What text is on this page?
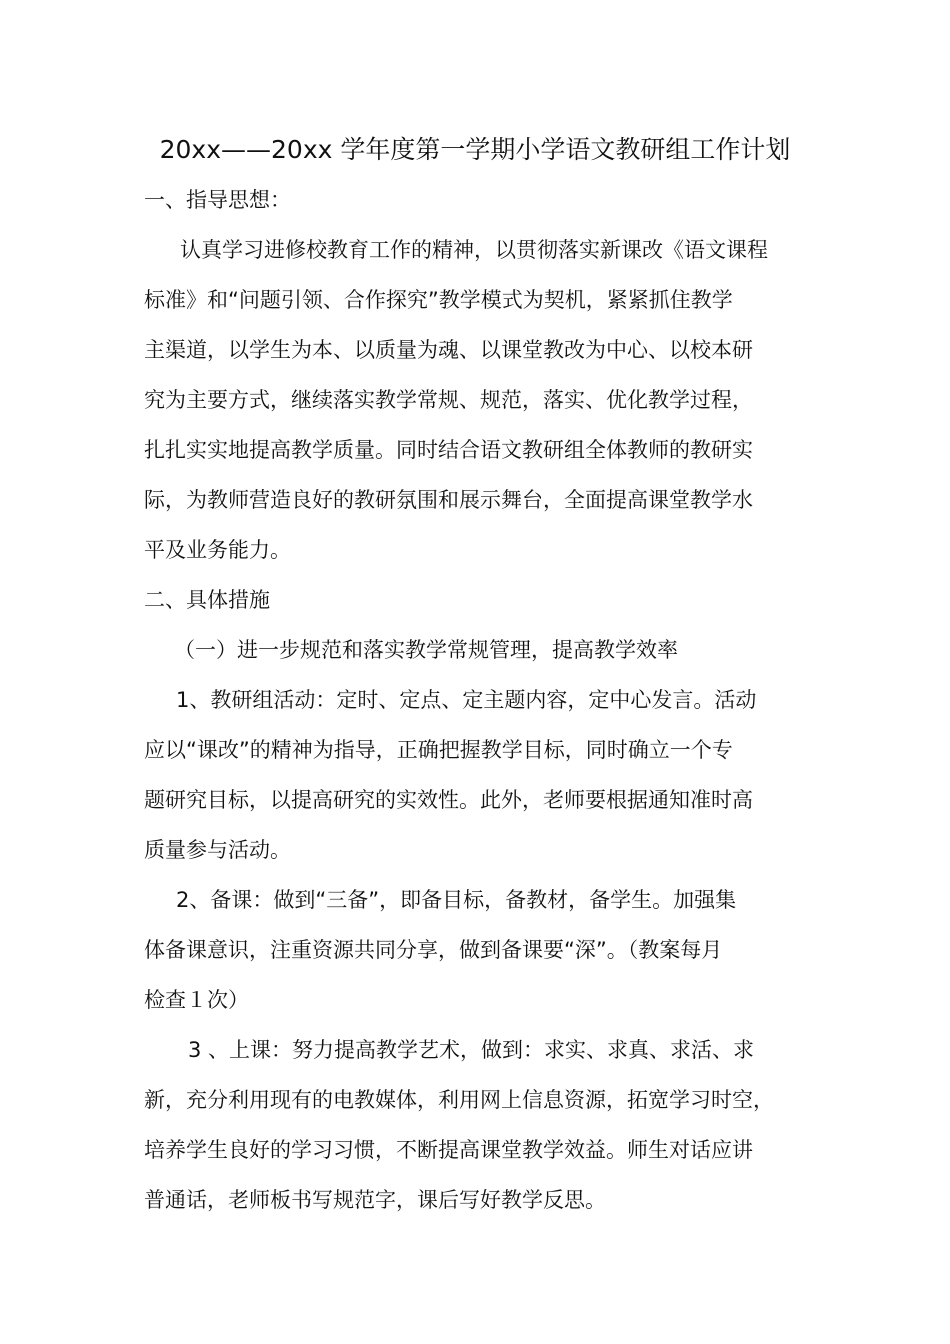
20xx——20xx 学年度第一学期小学语文教研组工作计划
一、指导思想：
认真学习进修校教育工作的精神，以贯彻落实新课改《语文课程
标准》和“问题引领、合作探究”教学模式为契机，紧紧抓住教学
主渠道，以学生为本、以质量为魂、以课堂教改为中心、以校本研
究为主要方式，继续落实教学常规、规范，落实、优化教学过程，
扎扎实实地提高教学质量。同时结合语文教研组全体教师的教研实
际，为教师营造良好的教研氛围和展示舞台，全面提高课堂教学水
平及业务能力。
二、具体措施
（一）进一步规范和落实教学常规管理，提高教学效率
1、教研组活动：定时、定点、定主题内容，定中心发言。活动
应以“课改”的精神为指导，正确把握教学目标，同时确立一个专
题研究目标，以提高研究的实效性。此外，老师要根据通知准时高
质量参与活动。
2、备课：做到“三备”，即备目标，备教材，备学生。加强集
体备课意识，注重资源共同分享，做到备课要“深”。（教案每月
检查１次）
3 、上课：努力提高教学艺术，做到：求实、求真、求活、求
新，充分利用现有的电教媒体，利用网上信息资源，拓宽学习时空，
培养学生良好的学习习惯，不断提高课堂教学效益。师生对话应讲
普通话，老师板书写规范字，课后写好教学反思。
